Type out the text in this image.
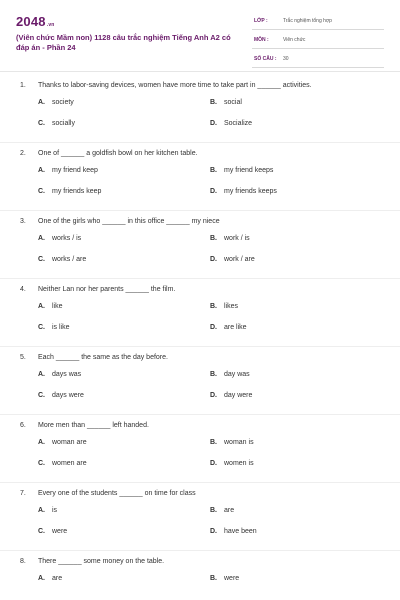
2048.vn
(Viên chức Mầm non) 1128 câu trắc nghiệm Tiếng Anh A2 có đáp án - Phần 24
LỚP :	Trắc nghiệm tổng hợp
MÔN :	Viên chức
SỐ CÂU : 30
1. Thanks to labor-saving devices, women have more time to take part in ______ activities.
A. society	B. social
C. socially	D. Socialize
2. One of ______ a goldfish bowl on her kitchen table.
A. my friend keep	B. my friend keeps
C. my friends keep	D. my friends keeps
3. One of the girls who ______ in this office ______ my niece
A. works / is	B. work / is
C. works / are	D. work / are
4. Neither Lan nor her parents ______ the film.
A. like	B. likes
C. is like	D. are like
5. Each ______ the same as the day before.
A. days was	B. day was
C. days were	D. day were
6. More men than ______ left handed.
A. woman are	B. woman is
C. women are	D. women is
7. Every one of the students ______ on time for class
A. is	B. are
C. were	D. have been
8. There ______ some money on the table.
A. are	B. were
